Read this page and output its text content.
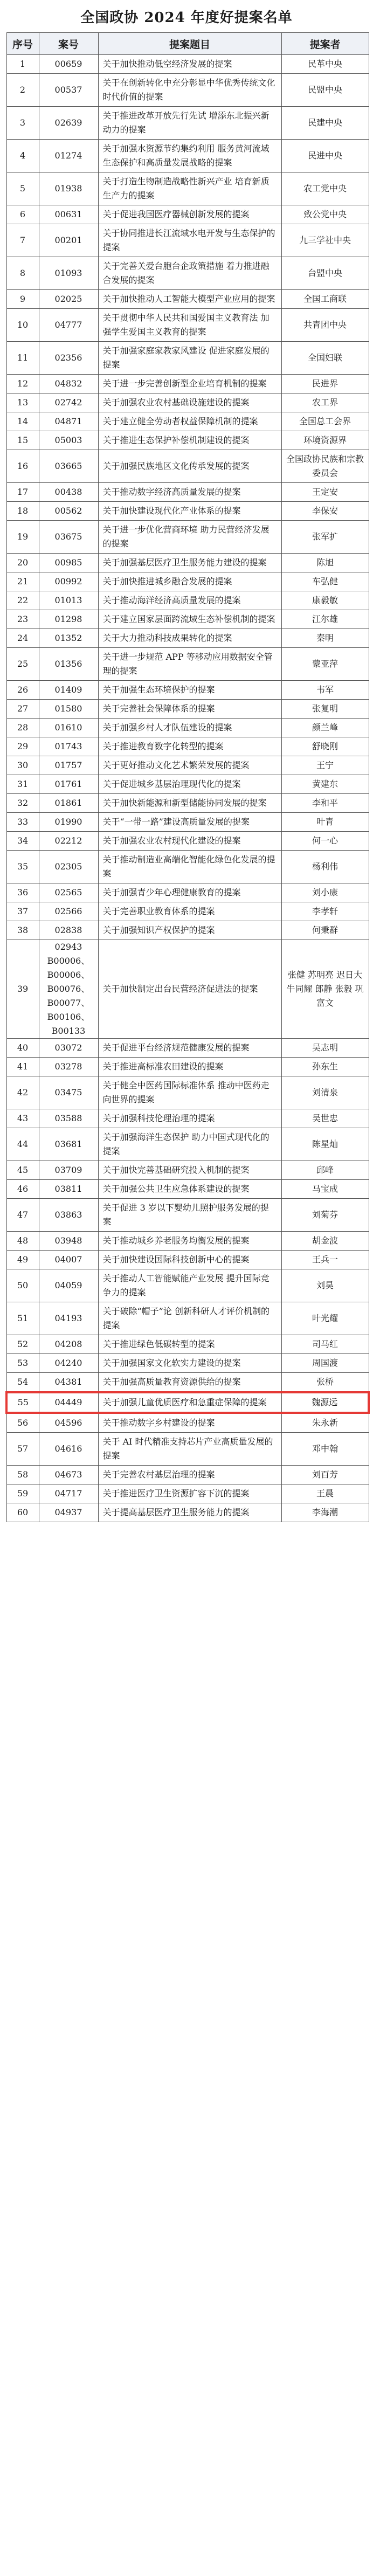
全国政协 2024 年度好提案名单
序号	案号	提案题目	提案者
1	00659	关于加快推动低空经济发展的提案	民革中央
2	00537	关于在创新转化中充分彰显中华优秀传统文化时代价值的提案	民盟中央
3	02639	关于推进改革开放先行先试 增添东北振兴新动力的提案	民建中央
4	01274	关于加强水资源节约集约利用 服务黄河流域生态保护和高质量发展战略的提案	民进中央
5	01938	关于打造生物制造战略性新兴产业 培育新质生产力的提案	农工党中央
6	00631	关于促进我国医疗器械创新发展的提案	致公党中央
7	00201	关于协同推进长江流域水电开发与生态保护的提案	九三学社中央
8	01093	关于完善关爱台胞台企政策措施 着力推进融合发展的提案	台盟中央
9	02025	关于加快推动人工智能大模型产业应用的提案	全国工商联
10	04777	关于贯彻中华人民共和国爱国主义教育法 加强学生爱国主义教育的提案	共青团中央
11	02356	关于加强家庭家教家风建设 促进家庭发展的提案	全国妇联
12	04832	关于进一步完善创新型企业培育机制的提案	民进界
13	02742	关于加强农业农村基础设施建设的提案	农工界
14	04871	关于建立健全劳动者权益保障机制的提案	全国总工会界
15	05003	关于推进生态保护补偿机制建设的提案	环境资源界
16	03665	关于加强民族地区文化传承发展的提案	全国政协民族和宗教委员会
17	00438	关于推动数字经济高质量发展的提案	王定安
18	00562	关于加快建设现代化产业体系的提案	李保安
19	03675	关于进一步优化营商环境 助力民营经济发展的提案	张军扩
20	00985	关于加强基层医疗卫生服务能力建设的提案	陈旭
21	00992	关于加快推进城乡融合发展的提案	车弘健
22	01013	关于推动海洋经济高质量发展的提案	康毅敏
23	01298	关于建立国家层面跨流域生态补偿机制的提案	江尔雄
24	01352	关于大力推动科技成果转化的提案	秦明
25	01356	关于进一步规范 APP 等移动应用数据安全管理的提案	蒙亚萍
26	01409	关于加强生态环境保护的提案	韦军
27	01580	关于完善社会保障体系的提案	张复明
28	01610	关于加强乡村人才队伍建设的提案	颜兰峰
29	01743	关于推进教育数字化转型的提案	舒晓刚
30	01757	关于更好推动文化艺术繁荣发展的提案	王宁
31	01761	关于促进城乡基层治理现代化的提案	黄建东
32	01861	关于加快新能源和新型储能协同发展的提案	李和平
33	01990	关于“一带一路”建设高质量发展的提案	叶青
34	02212	关于加强农业农村现代化建设的提案	何一心
35	02305	关于推动制造业高端化智能化绿色化发展的提案	杨利伟
36	02565	关于加强青少年心理健康教育的提案	刘小康
37	02566	关于完善职业教育体系的提案	李孝轩
38	02838	关于加强知识产权保护的提案	何秉群
39	02943 B00006、B00006、B00076、B00077、B00106、B00133	关于加快制定出台民营经济促进法的提案	张健 苏明亮 迟日大 牛同耀 郎静 张毅 巩富文
40	03072	关于促进平台经济规范健康发展的提案	吴志明
41	03278	关于推进高标准农田建设的提案	孙东生
42	03475	关于健全中医药国际标准体系 推动中医药走向世界的提案	刘清泉
43	03588	关于加强科技伦理治理的提案	吴世忠
44	03681	关于加强海洋生态保护 助力中国式现代化的提案	陈星灿
45	03709	关于加快完善基础研究投入机制的提案	邱峰
46	03811	关于加强公共卫生应急体系建设的提案	马宝成
47	03863	关于促进 3 岁以下婴幼儿照护服务发展的提案	刘菊芬
48	03948	关于推动城乡养老服务均衡发展的提案	胡金波
49	04007	关于加快建设国际科技创新中心的提案	王兵一
50	04059	关于推动人工智能赋能产业发展 提升国际竞争力的提案	刘昊
51	04193	关于破除“帽子”论 创新科研人才评价机制的提案	叶光耀
52	04208	关于推进绿色低碳转型的提案	司马红
53	04240	关于加强国家文化软实力建设的提案	周国渡
54	04381	关于加强高质量教育资源供给的提案	张桥
55	04449	关于加强儿童优质医疗和急重症保障的提案	魏源远
56	04596	关于推动数字乡村建设的提案	朱永新
57	04616	关于 AI 时代精准支持芯片产业高质量发展的提案	邓中翰
58	04673	关于完善农村基层治理的提案	刘百芳
59	04717	关于推进医疗卫生资源扩容下沉的提案	王晨
60	04937	关于提高基层医疗卫生服务能力的提案	李海潮
